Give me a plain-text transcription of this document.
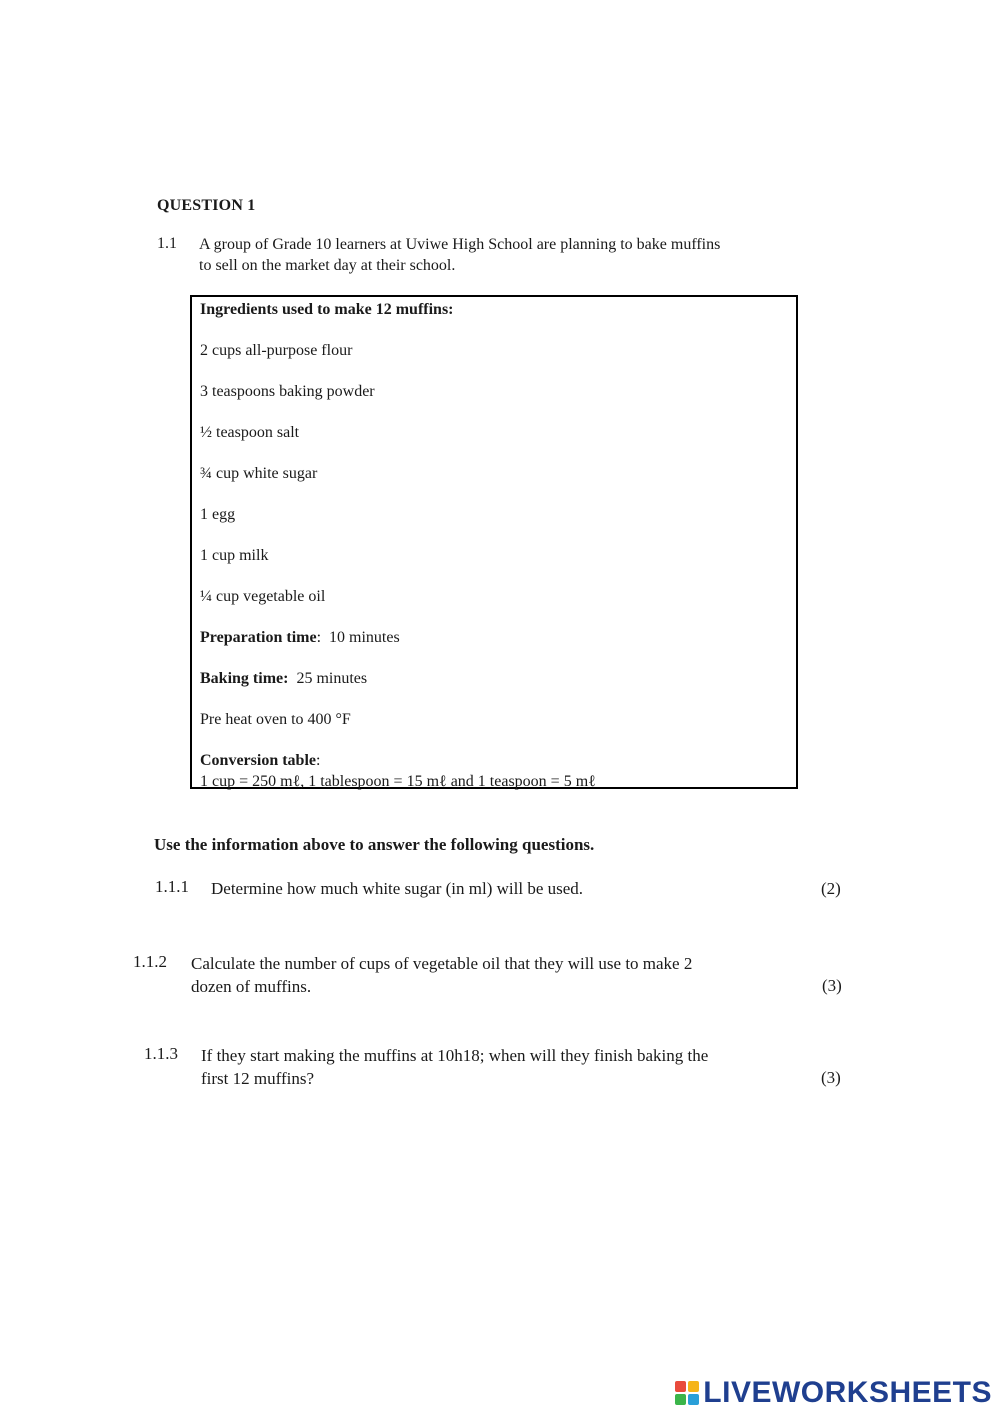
QUESTION 1
1.1 A group of Grade 10 learners at Uviwe High School are planning to bake muffins
to sell on the market day at their school.
Ingredients used to make 12 muffins:
2 cups all-purpose flour
3 teaspoons baking powder
½ teaspoon salt
¾ cup white sugar
1 egg
1 cup milk
¼ cup vegetable oil
Preparation time:  10 minutes
Baking time:  25 minutes
Pre heat oven to 400 °F
Conversion table:
1 cup = 250 mℓ, 1 tablespoon = 15 mℓ and 1 teaspoon = 5 mℓ
Use the information above to answer the following questions.
1.1.1 Determine how much white sugar (in ml) will be used.	(2)
1.1.2 Calculate the number of cups of vegetable oil that they will use to make 2
dozen of muffins.	(3)
1.1.3 If they start making the muffins at 10h18; when will they finish baking the
first 12 muffins?	(3)
LIVEWORKSHEETS
